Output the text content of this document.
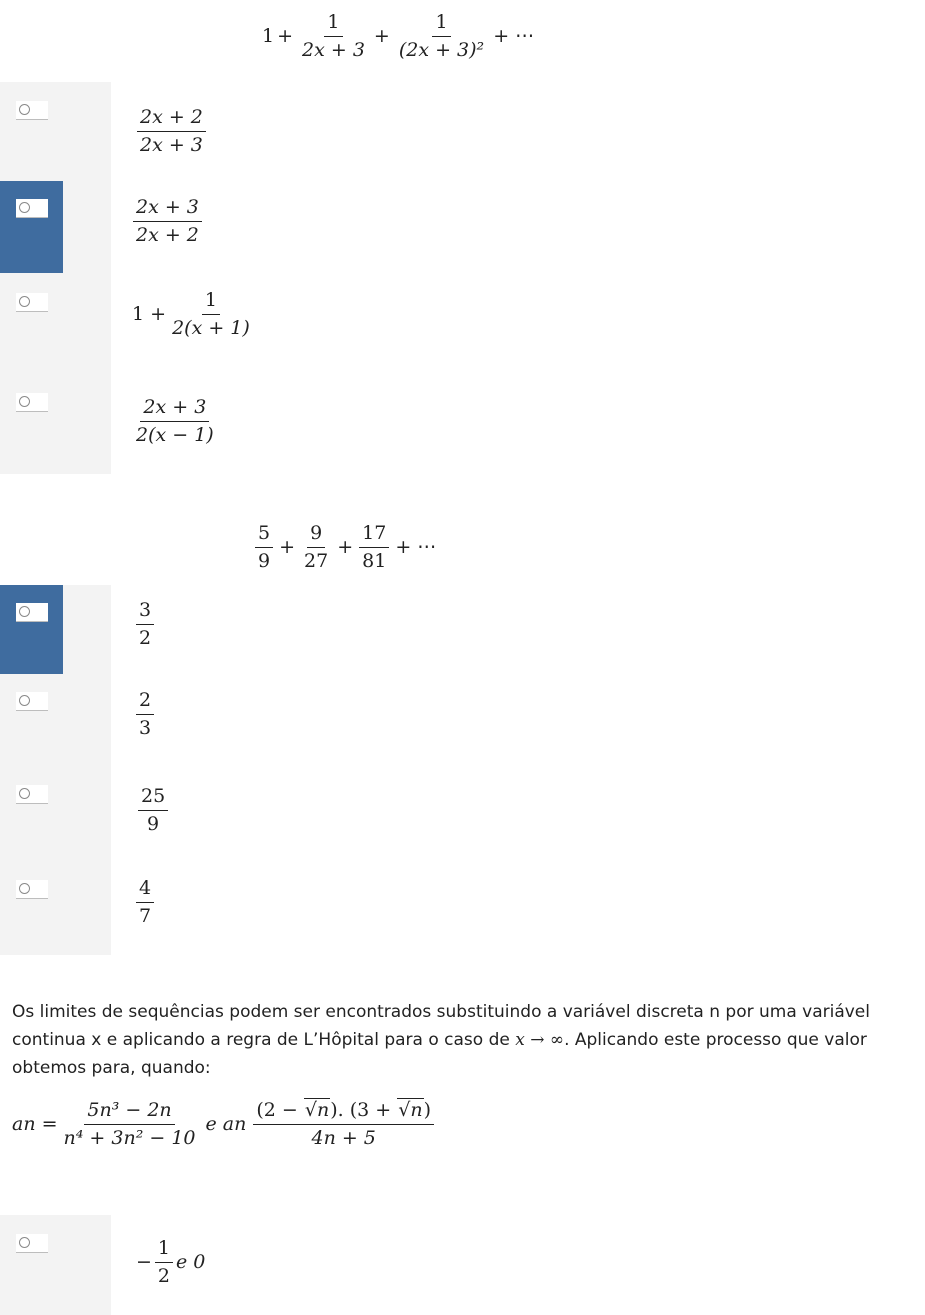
$1 + \frac{1}{2x + 3} + \frac{1}{\text{(2x + 3)²}}$ + ⋯
$\frac{2x + 2}{2x + 3}$
$\frac{2x + 3}{2x + 2}$
$1 + \frac{1}{2(x + 1)}$
$\frac{2x + 3}{2(x - 1)}$
$\frac{5}{9} + \frac{9}{27} + \frac{17}{81}$ + ⋯
$\frac{3}{2}$
$\frac{2}{3}$
$\frac{25}{9}$
$\frac{4}{7}$
Os limites de sequências podem ser encontrados substituindo a variável discreta n por uma variável continua x e aplicando a regra de L’Hôpital para o caso de x → ∞. Aplicando este processo que valor obtemos para, quando:
an = $\frac{\text{5n³ − 2n}}{\text{n⁴ + 3n² − 10}}$ e an $\frac{(2 - √n). (3 + √n)}{4n + 5}$
− $\frac{1}{2}$ e 0
